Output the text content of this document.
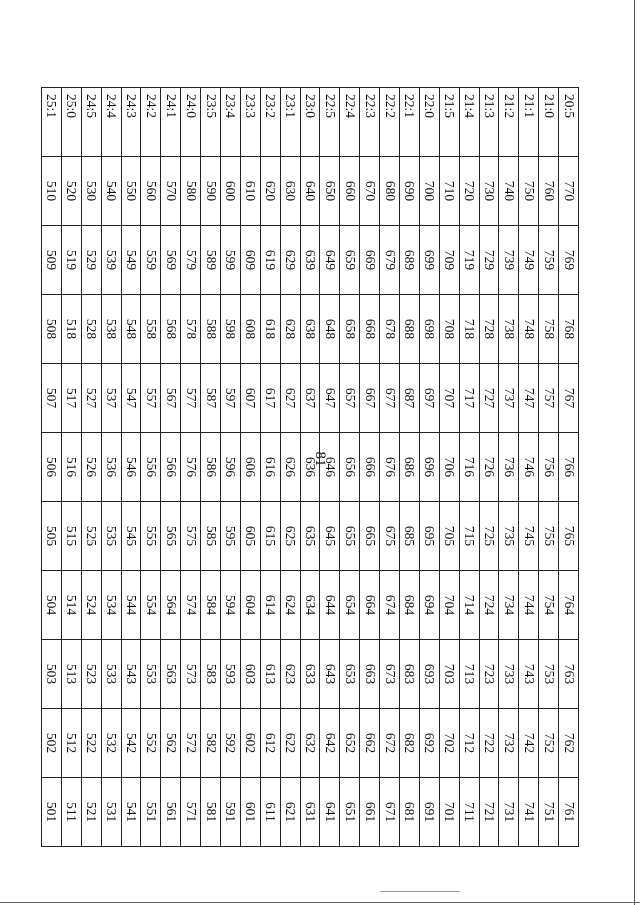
81
20:5	770	769	768	767	766	765	764	763	762	761
21:0	760	759	758	757	756	755	754	753	752	751
21:1	750	749	748	747	746	745	744	743	742	741
21:2	740	739	738	737	736	735	734	733	732	731
21:3	730	729	728	727	726	725	724	723	722	721
21:4	720	719	718	717	716	715	714	713	712	711
21:5	710	709	708	707	706	705	704	703	702	701
22:0	700	699	698	697	696	695	694	693	692	691
22:1	690	689	688	687	686	685	684	683	682	681
22:2	680	679	678	677	676	675	674	673	672	671
22:3	670	669	668	667	666	665	664	663	662	661
22:4	660	659	658	657	656	655	654	653	652	651
22:5	650	649	648	647	646	645	644	643	642	641
23:0	640	639	638	637	636	635	634	633	632	631
23:1	630	629	628	627	626	625	624	623	622	621
23:2	620	619	618	617	616	615	614	613	612	611
23:3	610	609	608	607	606	605	604	603	602	601
23:4	600	599	598	597	596	595	594	593	592	591
23:5	590	589	588	587	586	585	584	583	582	581
24:0	580	579	578	577	576	575	574	573	572	571
24:1	570	569	568	567	566	565	564	563	562	561
24:2	560	559	558	557	556	555	554	553	552	551
24:3	550	549	548	547	546	545	544	543	542	541
24:4	540	539	538	537	536	535	534	533	532	531
24:5	530	529	528	527	526	525	524	523	522	521
25:0	520	519	518	517	516	515	514	513	512	511
25:1	510	509	508	507	506	505	504	503	502	501
